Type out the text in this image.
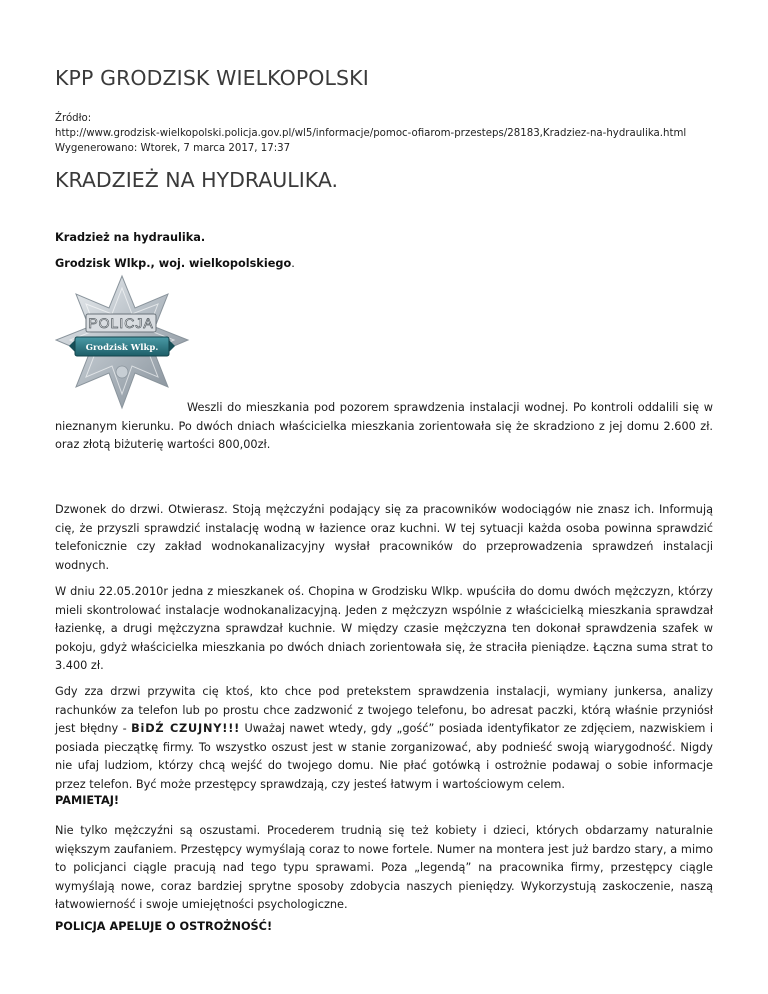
KPP GRODZISK WIELKOPOLSKI
Źródło:
http://www.grodzisk-wielkopolski.policja.gov.pl/wl5/informacje/pomoc-ofiarom-przesteps/28183,Kradziez-na-hydraulika.html
Wygenerowano: Wtorek, 7 marca 2017, 17:37
KRADZIEŻ NA HYDRAULIKA.
Kradzież na hydraulika.
Grodzisk Wlkp., woj. wielkopolskiego.
POLICJA
Grodzisk Wlkp.
Weszli do mieszkania pod pozorem sprawdzenia instalacji wodnej. Po kontroli oddalili się w nieznanym kierunku. Po dwóch dniach właścicielka mieszkania zorientowała się że skradziono z jej domu 2.600 zł. oraz złotą biżuterię wartości 800,00zł.

Dzwonek do drzwi. Otwierasz. Stoją mężczyźni podający się za pracowników wodociągów nie znasz ich. Informują cię, że przyszli sprawdzić instalację wodną w łazience oraz kuchni. W tej sytuacji każda osoba powinna sprawdzić telefonicznie czy zakład wodnokanalizacyjny wysłał pracowników do przeprowadzenia sprawdzeń instalacji wodnych.

W dniu 22.05.2010r jedna z mieszkanek oś. Chopina w Grodzisku Wlkp. wpuściła do domu dwóch mężczyzn, którzy mieli skontrolować instalacje wodnokanalizacyjną. Jeden z mężczyzn wspólnie z właścicielką mieszkania sprawdzał łazienkę, a drugi mężczyzna sprawdzał kuchnie. W między czasie mężczyzna ten dokonał sprawdzenia szafek w pokoju, gdyż właścicielka mieszkania po dwóch dniach zorientowała się, że straciła pieniądze. Łączna suma strat to 3.400 zł.

Gdy zza drzwi przywita cię ktoś, kto chce pod pretekstem sprawdzenia instalacji, wymiany junkersa, analizy rachunków za telefon lub po prostu chce zadzwonić z twojego telefonu, bo adresat paczki, którą właśnie przyniósł jest błędny - BiDŹ CZUJNY!!! Uważaj nawet wtedy, gdy „gość” posiada identyfikator ze zdjęciem, nazwiskiem i posiada pieczątkę firmy. To wszystko oszust jest w stanie zorganizować, aby podnieść swoją wiarygodność. Nigdy nie ufaj ludziom, którzy chcą wejść do twojego domu. Nie płać gotówką i ostrożnie podawaj o sobie informacje przez telefon. Być może przestępcy sprawdzają, czy jesteś łatwym i wartościowym celem.

PAMIETAJ!

Nie tylko mężczyźni są oszustami. Procederem trudnią się też kobiety i dzieci, których obdarzamy naturalnie większym zaufaniem. Przestępcy wymyślają coraz to nowe fortele. Numer na montera jest już bardzo stary, a mimo to policjanci ciągle pracują nad tego typu sprawami. Poza „legendą” na pracownika firmy, przestępcy ciągle wymyślają nowe, coraz bardziej sprytne sposoby zdobycia naszych pieniędzy. Wykorzystują zaskoczenie, naszą łatwowierność i swoje umiejętności psychologiczne.

POLICJA APELUJE O OSTROŻNOŚĆ!
